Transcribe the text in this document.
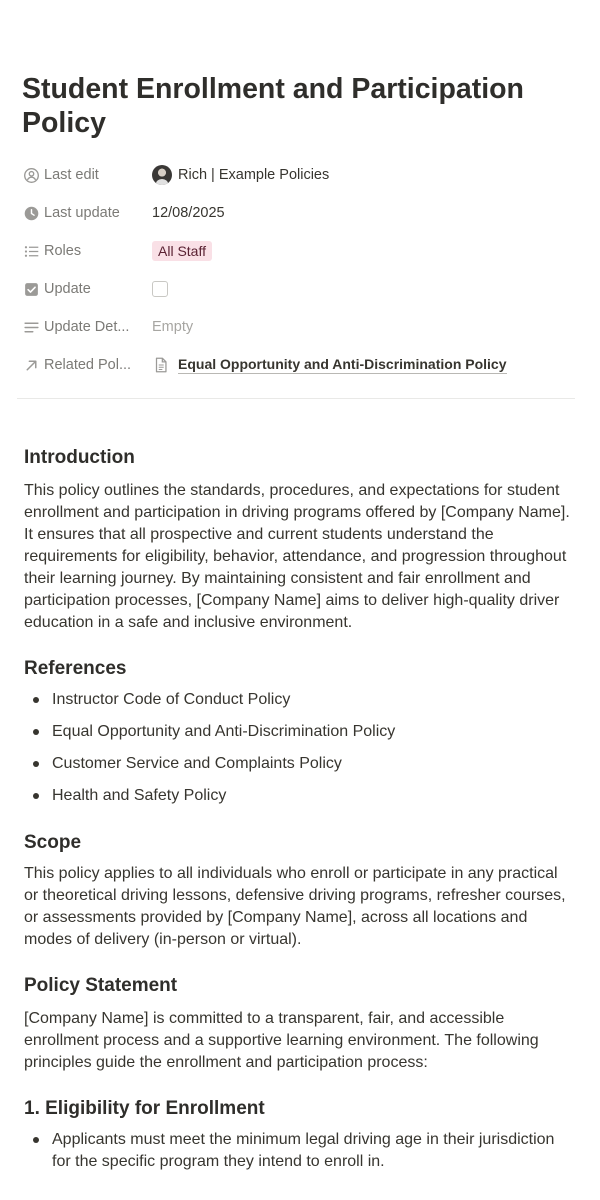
Student Enrollment and Participation Policy
Last edit	Rich | Example Policies
Last update 12/08/2025
Roles	All Staff
Update
Update Det... Empty
Related Pol...	Equal Opportunity and Anti-Discrimination Policy
Introduction

This policy outlines the standards, procedures, and expectations for student enrollment and participation in driving programs offered by [Company Name]. It ensures that all prospective and current students understand the requirements for eligibility, behavior, attendance, and progression throughout their learning journey. By maintaining consistent and fair enrollment and participation processes, [Company Name] aims to deliver high-quality driver education in a safe and inclusive environment.

References
Instructor Code of Conduct Policy
Equal Opportunity and Anti-Discrimination Policy
Customer Service and Complaints Policy
Health and Safety Policy
Scope

This policy applies to all individuals who enroll or participate in any practical or theoretical driving lessons, defensive driving programs, refresher courses, or assessments provided by [Company Name], across all locations and modes of delivery (in-person or virtual).

Policy Statement

[Company Name] is committed to a transparent, fair, and accessible enrollment process and a supportive learning environment. The following principles guide the enrollment and participation process:

1. Eligibility for Enrollment
Applicants must meet the minimum legal driving age in their jurisdiction for the specific program they intend to enroll in.
